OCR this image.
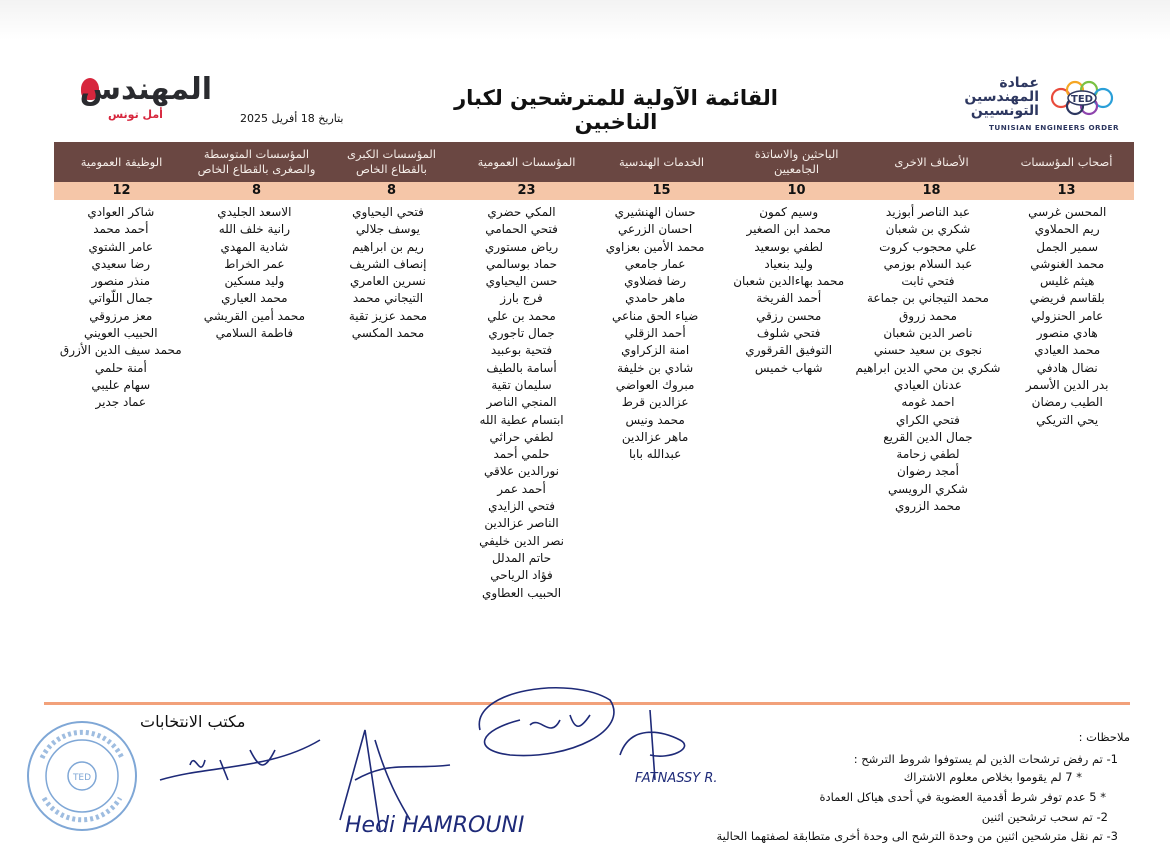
TED
عمادة المهندسين التونسيين
TUNISIAN ENGINEERS ORDER
المهندس
أمل تونس
القائمة الآولية للمترشحين لكبار الناخبين
بتاريخ 18 أفريل 2025
أصحاب المؤسسات
الأصناف الاخرى
الباحثين والاساتذة الجامعيين
الخدمات الهندسية
المؤسسات العمومية
المؤسسات الكبرى بالقطاع الخاص
المؤسسات المتوسطة والصغرى بالقطاع الخاص
الوظيفة العمومية
13
18
10
15
23
8
8
12
المحسن غرسي
ريم الحملاوي
سمير الجمل
محمد الغنوشي
هيثم غليس
بلقاسم فريضي
عامر الحنزولي
هادي منصور
محمد العيادي
نضال هادفي
بدر الدين الأسمر
الطيب رمضان
يحي التريكي
عبد الناصر أبوزيد
شكري بن شعبان
علي محجوب كروت
عبد السلام بوزمي
فتحي ثابت
محمد التيجاني بن جماعة
محمد زروق
ناصر الدين شعبان
نجوى بن سعيد حسني
شكري بن محي الدين ابراهيم
عدنان العيادي
احمد غومه
فتحي الكراي
جمال الدين القريع
لطفي زحامة
أمجد رضوان
شكري الرويسي
محمد الزروي
وسيم كمون
محمد ابن الصغير
لطفي بوسعيد
وليد بنعياد
محمد بهاءالدين شعبان
أحمد الفريخة
محسن رزقي
فتحي شلوف
التوفيق القرقوري
شهاب خميس
حسان الهنشيري
احسان الزرعي
محمد الأمين بعزاوي
عمار جامعي
رضا فضلاوي
ماهر حامدي
ضياء الحق مناعي
أحمد الزقلي
امنة الزكراوي
شادي بن خليفة
مبروك العواضي
عزالدين قرط
محمد ونيس
ماهر عزالدين
عبدالله بابا
المكي حضري
فتحي الحمامي
رياض مستوري
حماد بوسالمي
حسن اليحياوي
فرج بارز
محمد بن علي
جمال تاجوري
فتحية بوعبيد
أسامة بالطيف
سليمان تقية
المنجي الناصر
ابتسام عطية الله
لطفي حراثي
حلمي أحمد
نورالدين علاقي
أحمد عمر
فتحي الزايدي
الناصر عزالدين
نصر الدين خليفي
حاتم المدلل
فؤاد الرياحي
الحبيب العطاوي
فتحي اليحياوي
يوسف جلالي
ريم بن ابراهيم
إنصاف الشريف
نسرين العامري
التيجاني محمد
محمد عزيز تقية
محمد المكسي
الاسعد الجليدي
رانية خلف الله
شادية المهدي
عمر الخراط
وليد مسكين
محمد العياري
محمد أمين القريشي
فاطمة السلامي
شاكر العوادي
أحمد محمد
عامر الشتوي
رضا سعيدي
منذر منصور
جمال اللّواتي
معز مرزوقي
الحبيب العويني
محمد سيف الدين الأزرق
أمنة حلمي
سهام عليبي
عماد جدير
ملاحظات :
1- تم رفض ترشحات الذين لم يستوفوا شروط الترشح :
* 7 لم يقوموا بخلاص معلوم الاشتراك
* 5 عدم توفر شرط أقدمية العضوية في أحدى هياكل العمادة
2- تم سحب ترشحين اثنين
3- تم نقل مترشحين اثنين من وحدة الترشح الى وحدة أخرى متطابقة لصفتهما الحالية
مكتب الانتخابات
TED
Hedi HAMROUNI
FATNASSY R.
